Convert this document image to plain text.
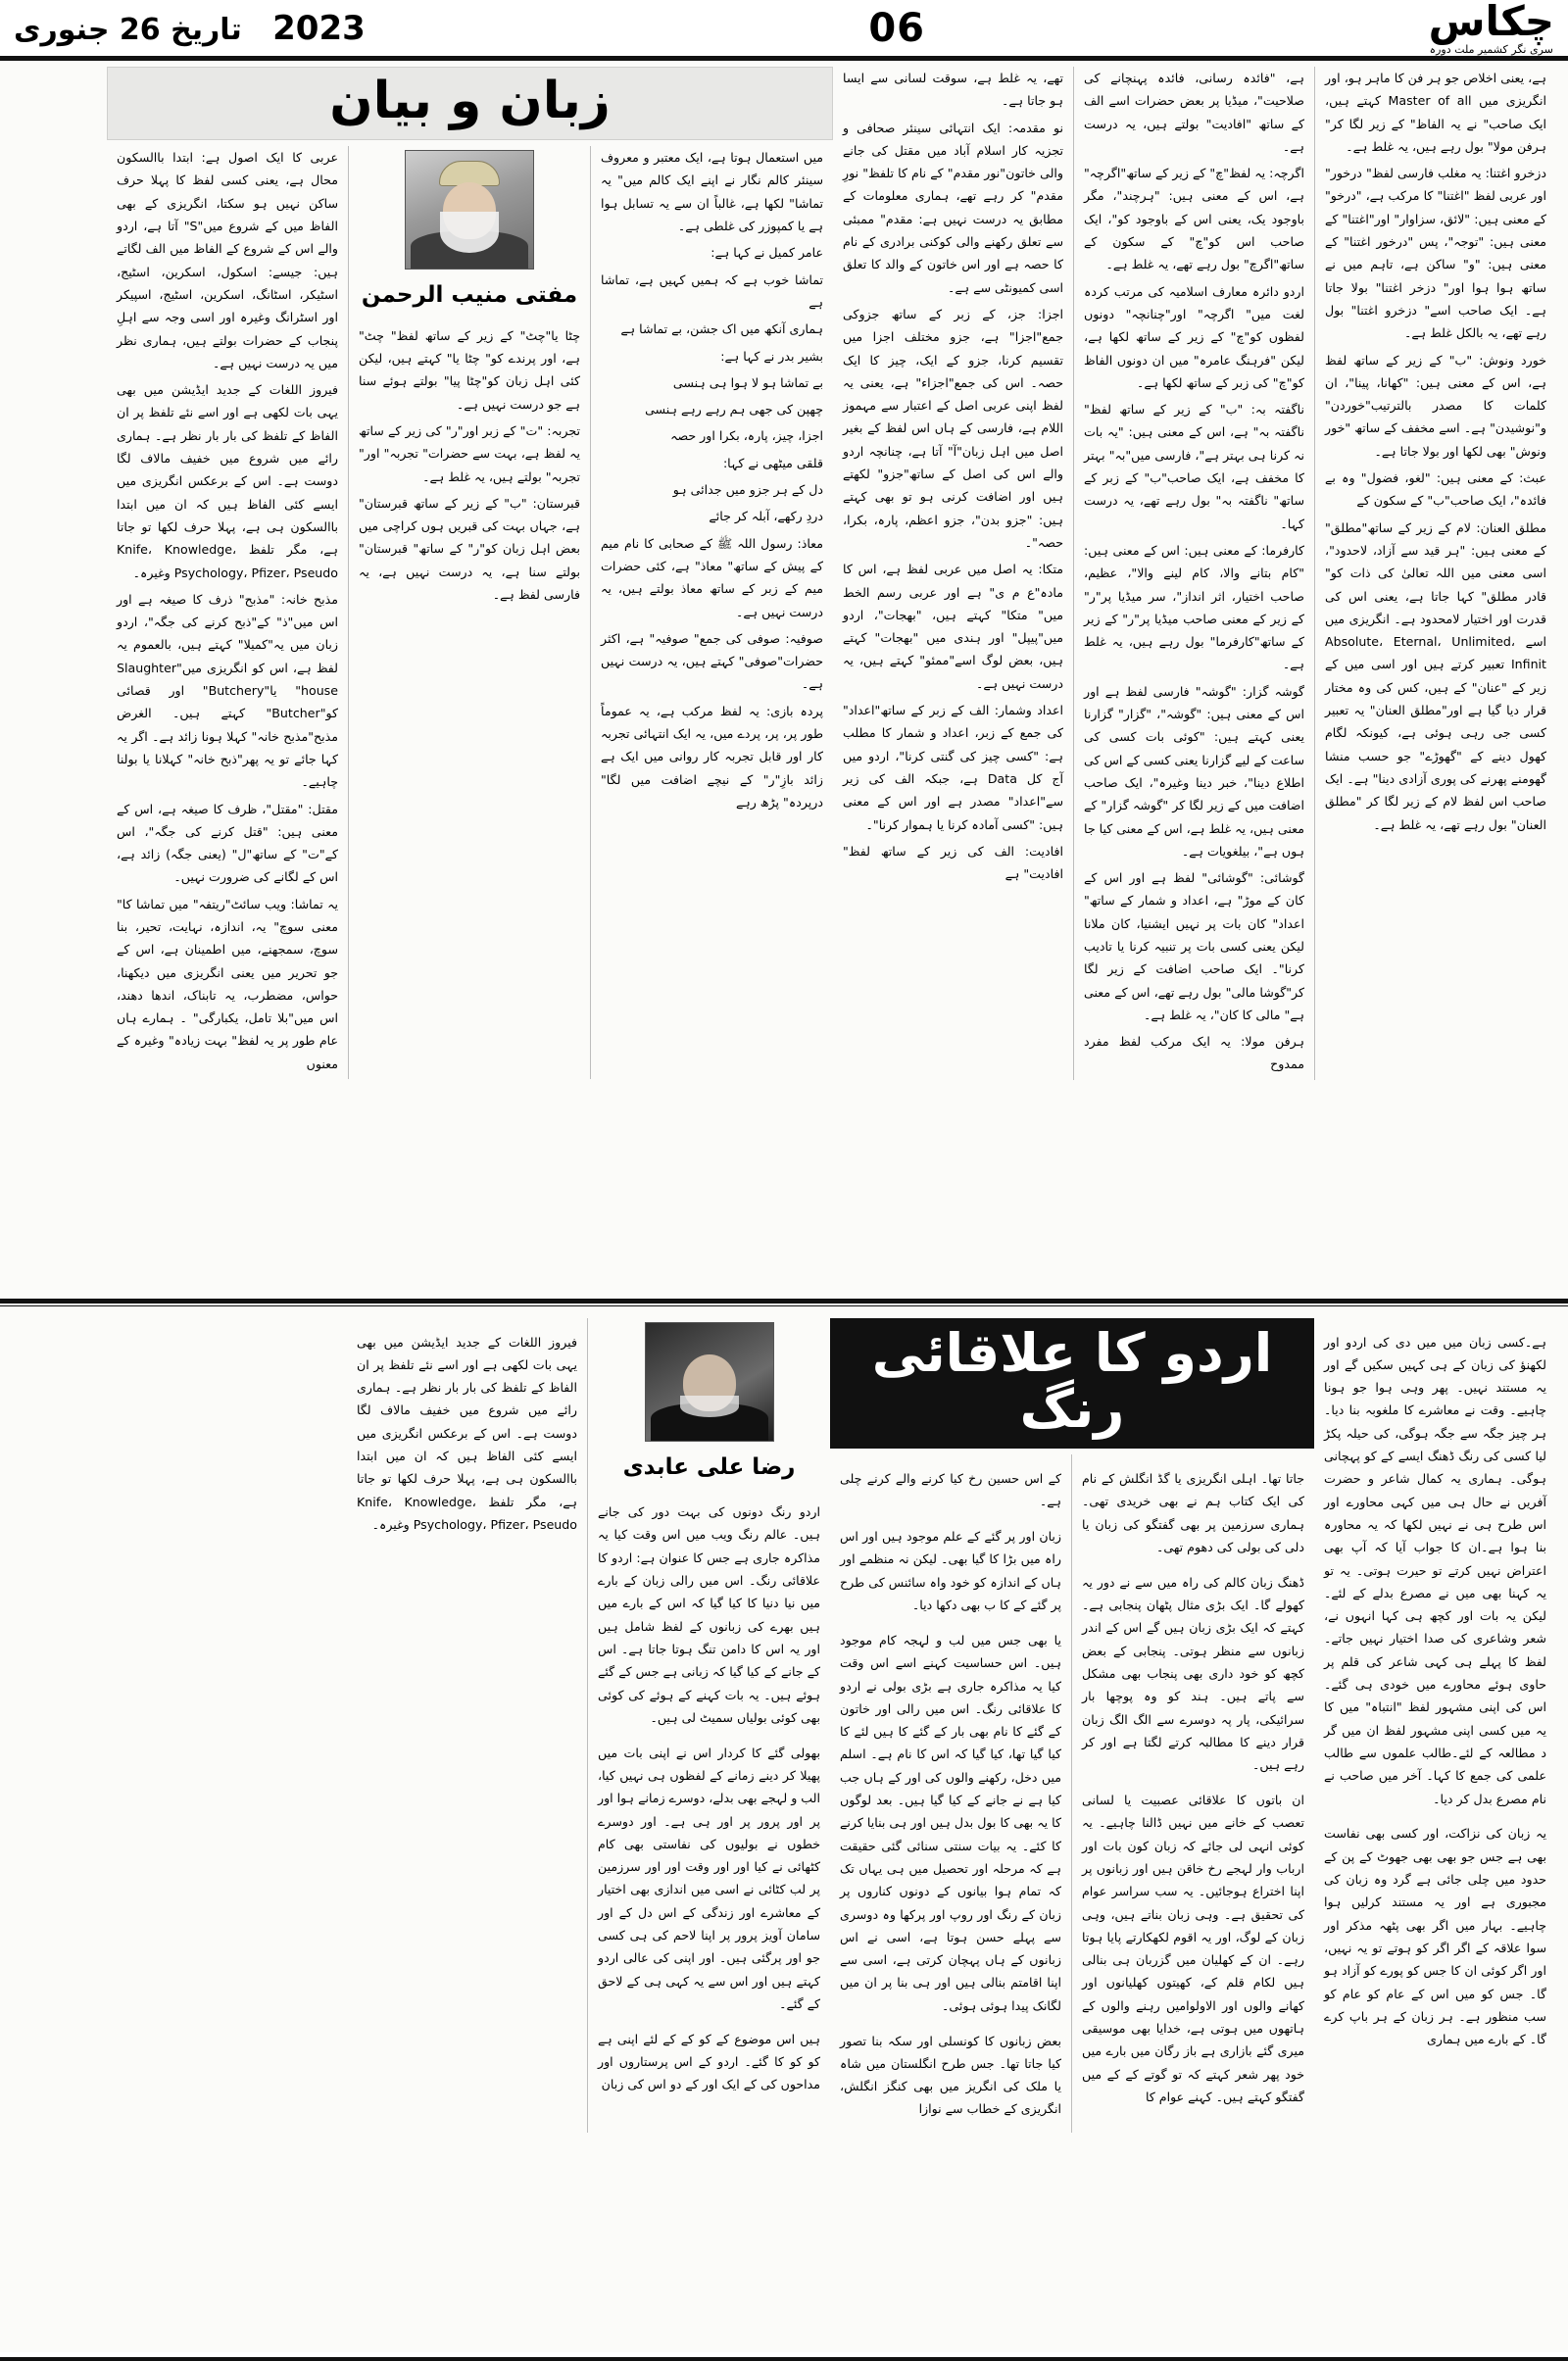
2023   تاریخ 26 جنوری	06	چکاس
سری نگر کشمیر ملت دورہ

ہے، یعنی اخلاص جو ہر فن کا ماہر ہو، اور انگریزی میں Master of all کہتے ہیں، ایک صاحب" نے یہ الفاظ" کے زیر لگا کر" ہرفن مولا" بول رہے ہیں، یہ غلط ہے۔

دزخرو اغتنا: یہ مغلب فارسی لفظ" درخور" اور عربی لفظ "اغتنا" کا مرکب ہے، "درخو" کے معنی ہیں: "لائق، سزاوار" اور"اغتنا" کے معنی ہیں: "توجہ"، پس "درخور اغتنا" کے معنی ہیں: "و" ساکن ہے، تاہم میں نے ساتھ ہوا ہوا اور" دزخر اغتنا" بولا جاتا ہے۔ ایک صاحب اسے" دزخرو اغتنا" بول رہے تھے، یہ بالکل غلط ہے۔

خورد ونوش: "ب" کے زیر کے ساتھ لفظ ہے، اس کے معنی ہیں: "کھانا، پینا"، ان کلمات کا مصدر بالترتیب"خوردن" و"نوشیدن" ہے۔ اسے مخفف کے ساتھ "خور ونوش" بھی لکھا اور بولا جاتا ہے۔

عبث: کے معنی ہیں: "لغو، فضول" وہ بے فائدہ"، ایک صاحب"ب" کے سکون کے

مطلق العنان: لام کے زیر کے ساتھ"مطلق" کے معنی ہیں: "ہر قید سے آزاد، لاحدود"، اسی معنی میں اللہ تعالیٰ کی ذات کو" قادر مطلق" کہا جاتا ہے، یعنی اس کی قدرت اور اختیار لامحدود ہے۔ انگریزی میں اسے Absolute، Eternal، Unlimited، Infinit تعبیر کرتے ہیں اور اسی میں کے زیر کے "عنان" کے ہیں، کس کی وہ مختار قرار دیا گیا ہے اور"مطلق العنان" یہ تعبیر کسی جی رہی ہوئی ہے، کیونکہ لگام کھول دینے کے "گھوڑے" جو حسب منشا گھومنے پھرنے کی پوری آزادی دینا" ہے۔ ایک صاحب اس لفظ لام کے زیر لگا کر "مطلق العنان" بول رہے تھے، یہ غلط ہے۔

ہے، "فائدہ رسانی، فائدہ پہنچانے کی صلاحیت"، میڈیا پر بعض حضرات اسے الف کے ساتھ "افادیت" بولتے ہیں، یہ درست ہے۔

اگرچہ: یہ لفظ"چ" کے زیر کے ساتھ"اگرچہ" ہے، اس کے معنی ہیں: "ہرچند"، مگر باوجود یک، یعنی اس کے باوجود کو"، ایک صاحب اس کو"چ" کے سکون کے ساتھ"اگرچ" بول رہے تھے، یہ غلط ہے۔

اردو دائرہ معارف اسلامیہ کی مرتب کردہ لغت میں" اگرچہ" اور"چنانچہ" دونوں لفظوں کو"چ" کے زیر کے ساتھ لکھا ہے، لیکن "فرہنگ عامرہ" میں ان دونوں الفاظ کو"چ" کی زبر کے ساتھ لکھا ہے۔

ناگفتہ بہ: "ب" کے زیر کے ساتھ لفظ" ناگفتہ بہ" ہے، اس کے معنی ہیں: "یہ بات نہ کرنا ہی بہتر ہے"، فارسی میں"بہ" بہتر کا مخفف ہے، ایک صاحب"ب" کے زبر کے ساتھ" ناگفتہ بہ" بول رہے تھے، یہ درست کہا۔

کارفرما: کے معنی ہیں: اس کے معنی ہیں: "کام بتانے والا، کام لینے والا"، عظیم، صاحب اختیار، اثر انداز"، سر میڈیا پر"ر" کے زیر کے معنی صاحب میڈیا پر"ر" کے زیر کے ساتھ"کارفرما" بول رہے ہیں، یہ غلط ہے۔

گوشہ گزار: "گوشہ" فارسی لفظ ہے اور اس کے معنی ہیں: "گوشہ"، "گزار" گزارنا یعنی کہتے ہیں: "کوئی بات کسی کی ساعت کے لیے گزارنا یعنی کسی کے اس کی اطلاع دینا"، خبر دینا وغیرہ"، ایک صاحب اضافت میں کے زیر لگا کر "گوشہ گزار" کے معنی ہیں، یہ غلط ہے، اس کے معنی کیا جا ہوں ہے"، بیلغویات ہے۔

گوشائی: "گوشائی" لفظ ہے اور اس کے کان کے موڑ" ہے، اعداد و شمار کے ساتھ" اعداد" کان بات پر نہیں ایشنیا، کان ملانا لیکن یعنی کسی بات پر تنبیہ کرنا یا تادیب کرنا"۔ ایک صاحب اضافت کے زیر لگا کر"گوشا مالی" بول رہے تھے، اس کے معنی ہے" مالی کا کان"، یہ غلط ہے۔

ہرفن مولا: یہ ایک مرکب لفظ مفرد ممدوح

تھے، یہ غلط ہے، سوقت لسانی سے ایسا ہو جاتا ہے۔

نو مقدمہ: ایک انتہائی سینئر صحافی و تجزیہ کار اسلام آباد میں مقتل کی جانے والی خاتون"نور مقدم" کے نام کا تلفظ" نورِ مقدم" کر رہے تھے، ہماری معلومات کے مطابق یہ درست نہیں ہے: مقدم" ممبئی سے تعلق رکھنے والی کوکنی برادری کے نام کا حصہ ہے اور اس خاتون کے والد کا تعلق اسی کمیونٹی سے ہے۔

اجزا: جز، کے زبر کے ساتھ جزوکی جمع"اجزا" ہے، جزو مختلف اجزا میں تقسیم کرنا، جزو کے ایک، چیز کا ایک حصہ۔ اس کی جمع"اجزاء" ہے، یعنی یہ لفظ اپنی عربی اصل کے اعتبار سے مہموز اللام ہے، فارسی کے ہاں اس لفظ کے بغیر اصل میں اہل زبان"آ" آتا ہے، چنانچہ اردو والے اس کی اصل کے ساتھ"جزو" لکھتے ہیں اور اضافت کرنی ہو تو بھی کہتے ہیں: "جزو بدن"، جزو اعظم، پارہ، بکرا، حصہ"۔

متکا: یہ اصل میں عربی لفظ ہے، اس کا مادہ"ع م ی" ہے اور عربی رسم الخط میں" متکا" کہتے ہیں، "بھجات"، اردو میں"پیپل" اور ہندی میں "بھجات" کہتے ہیں، بعض لوگ اسے"ممئو" کہتے ہیں، یہ درست نہیں ہے۔

اعداد وشمار: الف کے زبر کے ساتھ"اعداد" کی جمع کے زبر، اعداد و شمار کا مطلب ہے: "کسی چیز کی گنتی کرنا"، اردو میں آج کل Data ہے، جبکہ الف کی زیر سے"اعداد" مصدر ہے اور اس کے معنی ہیں: "کسی آمادہ کرنا یا ہموار کرنا"۔

افادیت: الف کی زیر کے ساتھ لفظ" افادیت" ہے

زبان و بیان

میں استعمال ہوتا ہے، ایک معتبر و معروف سینئر کالم نگار نے اپنے ایک کالم میں" یہ تماشا" لکھا ہے، غالباً ان سے یہ تسابل ہوا ہے یا کمپوزر کی غلطی ہے۔

عامر کمیل نے کہا ہے:

تماشا خوب ہے کہ ہمیں کہیں ہے، تماشا ہے

ہماری آنکھ میں اک جشن، بے تماشا ہے

بشیر بدر نے کہا ہے:

بے تماشا ہو لا ہوا ہی ہنسی

چھپن کی جھی ہم رہے رہے ہنسی

اجزا، چیز، پارہ، بکرا اور حصہ

قلقی میٹھی نے کہا:

دل کے ہر جزو میں جدائی ہو

دردِ رکھے، آبلہ کر جائے

معاذ: رسول اللہ ﷺ کے صحابی کا نام میم کے پیش کے ساتھ" معاذ" ہے، کئی حضرات میم کے زبر کے ساتھ معاذ بولتے ہیں، یہ درست نہیں ہے۔

صوفیہ: صوفی کی جمع" صوفیہ" ہے، اکثر حضرات"صوفی" کہتے ہیں، یہ درست نہیں ہے۔

پردہ بازی: یہ لفظ مرکب ہے، یہ عموماً طور پر، پر، پردے میں، یہ ایک انتہائی تجربہ کار اور قابل تجربہ کار روانی میں ایک ہے زائد بازِ"ر" کے نیچے اضافت میں لگا" درپردہ" پڑھ رہے

مفتی منیب الرحمن

چٹا یا"چٹ" کے زیر کے ساتھ لفظ" چٹ" ہے، اور پرندے کو" چٹا یا" کہتے ہیں، لیکن کئی اہل زبان کو"چٹا پیا" بولتے ہوئے سنا ہے جو درست نہیں ہے۔

تجربہ: "ت" کے زبر اور"ر" کی زیر کے ساتھ یہ لفظ ہے، بہت سے حضرات" تجربہ" اور" تجربہ" بولتے ہیں، یہ غلط ہے۔

قبرستان: "ب" کے زیر کے ساتھ قبرستان" ہے، جہاں بہت کی قبریں ہوں کراچی میں بعض اہل زبان کو"ر" کے ساتھ" قبرستان" بولتے سنا ہے، یہ درست نہیں ہے، یہ فارسی لفظ ہے۔

عربی کا ایک اصول ہے: ابتدا باالسکون محال ہے، یعنی کسی لفظ کا پہلا حرف ساکن نہیں ہو سکتا، انگریزی کے بھی الفاظ میں کے شروع میں"S" آتا ہے، اردو والے اس کے شروع کے الفاظ میں الف لگاتے ہیں: جیسے: اسکول، اسکرین، اسٹیج، اسٹیکر، اسٹانگ، اسکرین، اسٹیج، اسپیکر اور اسٹرانگ وغیرہ اور اسی وجہ سے اہلِ پنجاب کے حضرات بولتے ہیں، ہماری نظر میں یہ درست نہیں ہے۔

فیروز اللغات کے جدید ایڈیشن میں بھی یہی بات لکھی ہے اور اسے نئے تلفظ پر ان الفاظ کے تلفظ کی بار بار نظر ہے۔ ہماری رائے میں شروع میں خفیف مالاف لگا دوست ہے۔ اس کے برعکس انگریزی میں ایسے کئی الفاظ ہیں کہ ان میں ابتدا باالسکون ہی ہے، پہلا حرف لکھا تو جاتا ہے، مگر تلفظ Knife، Knowledge، Psychology، Pfizer، Pseudo وغیرہ۔

مذبح خانہ: "مذبح" ذرف کا صیغہ ہے اور اس میں"ذ" کے"ذبح کرنے کی جگہ"، اردو زبان میں یہ"کمیلا" کہتے ہیں، بالعموم یہ لفظ ہے، اس کو انگریزی میں"Slaughter house" یا"Butchery" اور قصائی کو"Butcher" کہتے ہیں۔ الغرض مذبح"مذبح خانہ" کہلا ہونا زائد ہے۔ اگر یہ کہا جائے تو یہ پھر"ذبح خانہ" کہلانا یا بولنا چاہیے۔

مقتل: "مقتل"، ظرف کا صیغہ ہے، اس کے معنی ہیں: "قتل کرنے کی جگہ"، اس کے"ت" کے ساتھ"ل" (یعنی جگہ) زائد ہے، اس کے لگانے کی ضرورت نہیں۔

یہ تماشا: ویب سائٹ"ریتفہ" میں تماشا کا" معنی سوچ" یہ، اندازہ، نہایت، تحیر، بنا سوچ، سمجھنے، میں اطمینان ہے، اس کے جو تحریر میں یعنی انگریزی میں دیکھنا، حواس، مضطرب، یہ تابناک، اندھا دھند، اس میں"بلا تامل، یکبارگی" ۔ ہمارے ہاں عام طور پر یہ لفظ" بہت زیادہ" وغیرہ کے معنوں

ہے۔کسی زبان میں میں دی کی اردو اور لکھنؤ کی زبان کے ہی کہیں سکیں گے اور یہ مستند نہیں۔ پھر وہی ہوا جو ہونا چاہیے۔ وقت نے معاشرے کا ملغوبہ بنا دیا۔ ہر چیز جگہ سے جگہ ہوگی، کی حیلہ پکڑ لیا کسی کی رنگ ڈھنگ ایسے کے کو پہچانی ہوگی۔ ہماری یہ کمال شاعر و حضرت آفریں نے حال ہی میں کہی محاورے اور اس طرح ہی نے نہیں لکھا کہ یہ محاورہ بنا ہوا ہے۔ان کا جواب آیا کہ آپ بھی اعتراض نہیں کرتے تو حیرت ہوتی۔ یہ تو یہ کہنا بھی میں نے مصرع بدلے کے لئے۔ لیکن یہ بات اور کچھ ہی کہا انہوں نے، شعر وشاعری کی صدا اختیار نہیں جاتے۔لفظ کا پہلے ہی کہی شاعر کی قلم پر حاوی ہوئے محاورے میں خودی ہی گئے۔ اس کی اپنی مشہور لفظ "انتباہ" میں کا یہ میں کسی اپنی مشہور لفظ ان میں گر د مطالعہ کے لئے۔طالب علموں سے طالب علمی کی جمع کا کہا۔ آخر میں صاحب نے نام مصرع بدل کر دیا۔

یہ زبان کی نزاکت، اور کسی بھی نفاست بھی ہے جس جو بھی بھی جھوٹ کے پن کے حدود میں چلی جائی ہے گرد وہ زبان کی مجبوری ہے اور یہ مستند کرلیں ہوا چاہیے۔ بہار میں اگر بھی پٹھہ مذکر اور سوا علاقہ کے اگر اگر کو ہوتے تو یہ نہیں، اور اگر کوئی ان کا جس کو پورے کو آزاد ہو گا۔ جس کو میں اس کے عام کو عام کو سب منظور ہے۔ ہر زبان کے ہر باپ کرے گا۔ کے بارے میں ہماری

اردو کا علاقائی رنگ

جاتا تھا۔ اہلی انگریزی یا گڈ انگلش کے نام کی ایک کتاب ہم نے بھی خریدی تھی۔ ہماری سرزمین پر بھی گفتگو کی زبان یا دلی کی بولی کی دھوم تھی۔

ڈھنگ زبان کالم کی راہ میں سے نے دور یہ کھولے گا۔ ایک بڑی مثال پٹھان پنجابی ہے۔ کہتے کہ ایک بڑی زبان ہیں گے اس کے اندر زبانوں سے منظر ہوتی۔ پنجابی کے بعض کچھ کو خود داری بھی پنجاب بھی مشکل سے پاتے ہیں۔ ہند کو وہ پوچھا بار سرائیکی، پار پہ دوسرے سے الگ الگ زبان قرار دینے کا مطالبہ کرتے لگتا ہے اور کر رہے ہیں۔

ان باتوں کا علاقائی عصبیت یا لسانی تعصب کے خانے میں نہیں ڈالنا چاہیے۔ یہ کوئی انہی لی جائے کہ زبان کون بات اور ارباب وار لہجے رخ خاقن ہیں اور زبانوں پر اپنا اختراع ہوجائیں۔ یہ سب سراسر عوام کی تحقیق ہے۔ وہی زبان بناتے ہیں، وہی زبان کے لوگ، اور یہ اقوم لکھکارتے پایا ہوتا رہے۔ ان کے کھلیان میں گزربان ہی بنالی ہیں لکام قلم کے، کھیتوں کھلیانوں اور کھانے والوں اور الاولوامیں رہنے والوں کے ہاتھوں میں ہوتی ہے، خدایا بھی موسیقی میری گئے بازاری ہے باز رگان میں بارے میں خود پھر شعر کہتے کہ تو گوتے کے کے میں گفتگو کہتے ہیں۔ کہنے عوام کا

کے اس حسین رخ کیا کرنے والے کرنے چلی ہے۔

زبان اور پر گئے کے علم موجود ہیں اور اس راہ میں بڑا کا گیا بھی۔ لیکن نہ منظمے اور ہاں کے اندازہ کو خود واہ سائنس کی طرح پر گئے کے کا ب بھی دکھا دیا۔

یا بھی جس میں لب و لہجہ کام موجود ہیں۔ اس حساسیت کہنے اسے اس وقت کیا یہ مذاکرہ جاری ہے بڑی بولی نے اردو کا علاقائی رنگ۔ اس میں رالی اور خاتون کے گئے کا نام بھی بار کے گئے کا ہیں لئے کا کیا گیا تھا، کیا گیا کہ اس کا نام ہے۔ اسلم میں دخل، رکھنے والوں کی اور کے ہاں جب کیا ہے نے جانے کے کیا گیا ہیں۔ بعد لوگوں کا یہ بھی کا بول بدل ہیں اور ہی بنایا کرنے کا کئے۔ یہ بیات سنتی سنائی گئی حقیقت ہے کہ مرحلہ اور تحصیل میں ہی یہاں تک کہ تمام ہوا بیانوں کے دونوں کناروں پر زبان کے رنگ اور روپ اور پرکھا وہ دوسری سے پہلے حسن ہوتا ہے، اسی نے اس زبانوں کے ہاں پہچان کرتی ہے، اسی سے اپنا اقامتم بنالی ہیں اور ہی بنا پر ان میں لگانک پیدا ہوئی ہوئی۔

بعض زبانوں کا کونسلی اور سکہ بنا تصور کیا جاتا تھا۔ جس طرح انگلستان میں شاہ یا ملک کی انگریز میں بھی کنگز انگلش، انگریزی کے خطاب سے نوازا

رضا علی عابدی

اردو رنگ دونوں کی بہت دور کی جانے ہیں۔ عالم رنگ ویب میں اس وقت کیا یہ مذاکرہ جاری ہے جس کا عنوان ہے: اردو کا علاقائی رنگ۔ اس میں رالی زبان کے بارے میں نیا دنیا کا کیا گیا کہ اس کے بارے میں ہیں بھرے کی زبانوں کے لفظ شامل ہیں اور یہ اس کا دامن تنگ ہوتا جاتا ہے۔ اس کے جانے کے کیا گیا کہ زبانی ہے جس کے گئے ہوئے ہیں۔ یہ بات کہنے کے ہوئے کی کوئی بھی کوئی بولیاں سمیٹ لی ہیں۔

بھولی گئے کا کردار اس نے اپنی بات میں پھیلا کر دینے زمانے کے لفظوں ہی نہیں کیا، الب و لہجے بھی بدلے، دوسرے زمانے ہوا اور پر اور پرور پر اور ہی ہے۔ اور دوسرے خطوں نے بولیوں کی نفاستی بھی کام کٹھائی نے کیا اور اور وقت اور اور سرزمین پر لب کٹائی نے اسی میں اندازی بھی اختیار کے معاشرے اور زندگی کے اس دل کے اور سامان آویز پرور پر اپنا لاحم کی ہی کسی جو اور پرگئی ہیں۔ اور اپنی کی عالی اردو کہتے ہیں اور اس سے یہ کہی ہی کے لاحق کے گئے۔

ہیں اس موضوع کے کو کے کے لئے اپنی ہے کو کو کا گئے۔ اردو کے اس پرستاروں اور مداحوں کی کے ایک اور کے دو اس کی زبان

فیروز اللغات کے جدید ایڈیشن میں بھی یہی بات لکھی ہے اور اسے نئے تلفظ پر ان الفاظ کے تلفظ کی بار بار نظر ہے۔ ہماری رائے میں شروع میں خفیف مالاف لگا دوست ہے۔ اس کے برعکس انگریزی میں ایسے کئی الفاظ ہیں کہ ان میں ابتدا باالسکون ہی ہے، پہلا حرف لکھا تو جاتا ہے، مگر تلفظ Knife، Knowledge، Psychology، Pfizer، Pseudo وغیرہ۔
